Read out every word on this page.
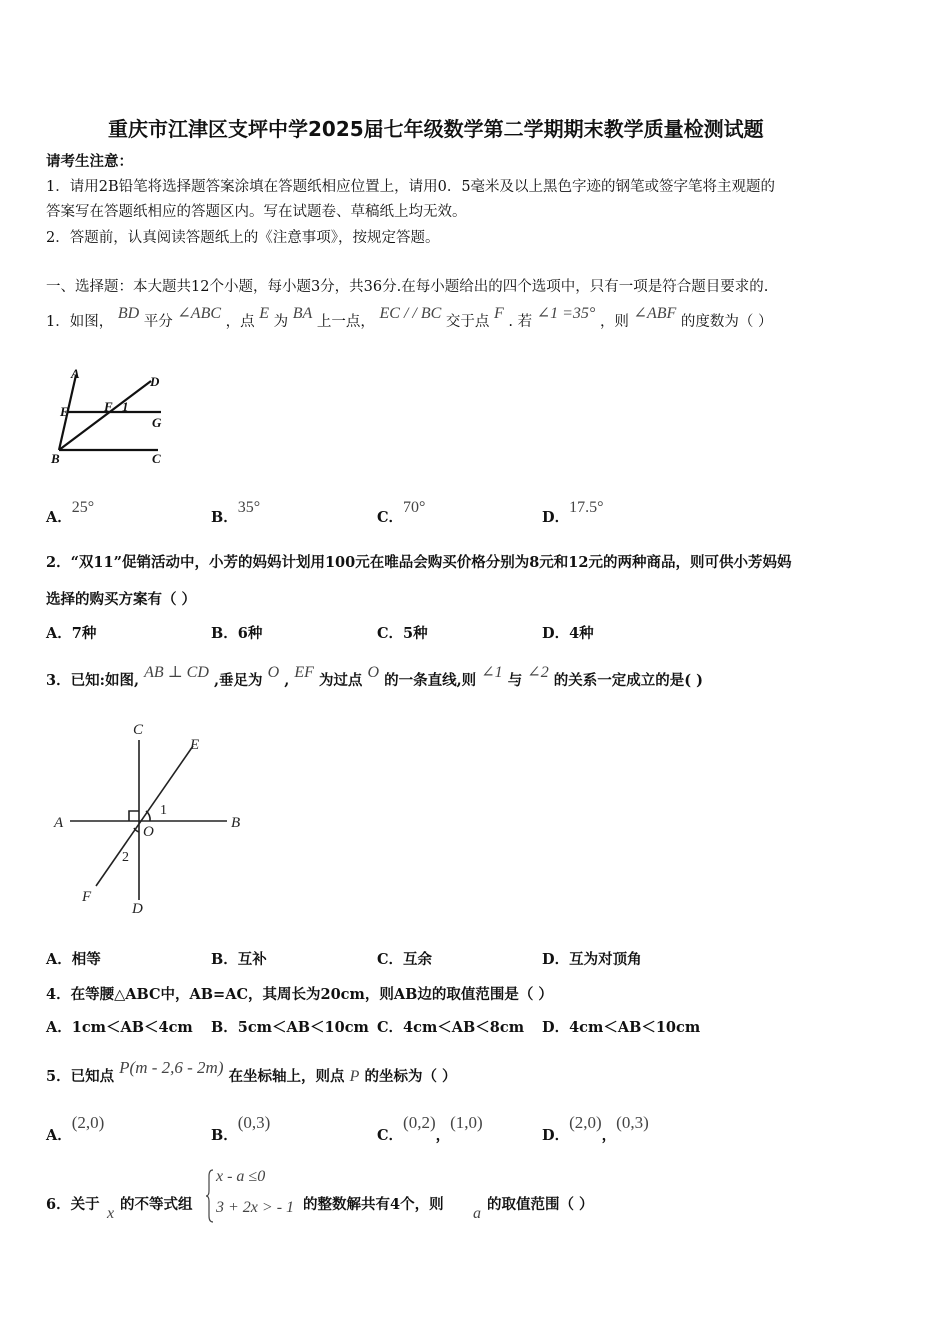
重庆市江津区支坪中学2025届七年级数学第二学期期末教学质量检测试题
请考生注意：
1．请用2B铅笔将选择题答案涂填在答题纸相应位置上，请用0．5毫米及以上黑色字迹的钢笔或签字笔将主观题的
答案写在答题纸相应的答题区内。写在试题卷、草稿纸上均无效。
2．答题前，认真阅读答题纸上的《注意事项》，按规定答题。
一、选择题：本大题共12个小题，每小题3分，共36分.在每小题给出的四个选项中，只有一项是符合题目要求的.
1．如图， BD 平分 ∠ABC ，点 E 为 BA 上一点， EC / / BC 交于点 F . 若 ∠1 =35° ，则 ∠ABF 的度数为（ ）
A
D
E	F 1
G
B	C
A．25°
B．35°
C．70°
D．17.5°
2．“双11”促销活动中，小芳的妈妈计划用100元在唯品会购买价格分别为8元和12元的两种商品，则可供小芳妈妈
选择的购买方案有（ ）
A．7种	B．6种	C．5种	D．4种
3．已知:如图, AB ⊥ CD ,垂足为 O , EF 为过点 O 的一条直线,则 ∠1 与 ∠2 的关系一定成立的是( )
C
E
A
O
B
F
D
1
2
A．相等	B．互补	C．互余	D．互为对顶角
4．在等腰△ABC中，AB=AC，其周长为20cm，则AB边的取值范围是（ ）
A．1cm＜AB＜4cm B．5cm＜AB＜10cm C．4cm＜AB＜8cm D．4cm＜AB＜10cm
5．已知点 P(m - 2,6 - 2m) 在坐标轴上，则点 P 的坐标为（ ）
A．(2,0)
B．(0,3)
C．(0,2)，(1,0)
D．(2,0)，(0,3)
6．关于
x
的不等式组
x - a ≤0
3 + 2x > - 1 的整数解共有4个，则
a
的取值范围（ ）
